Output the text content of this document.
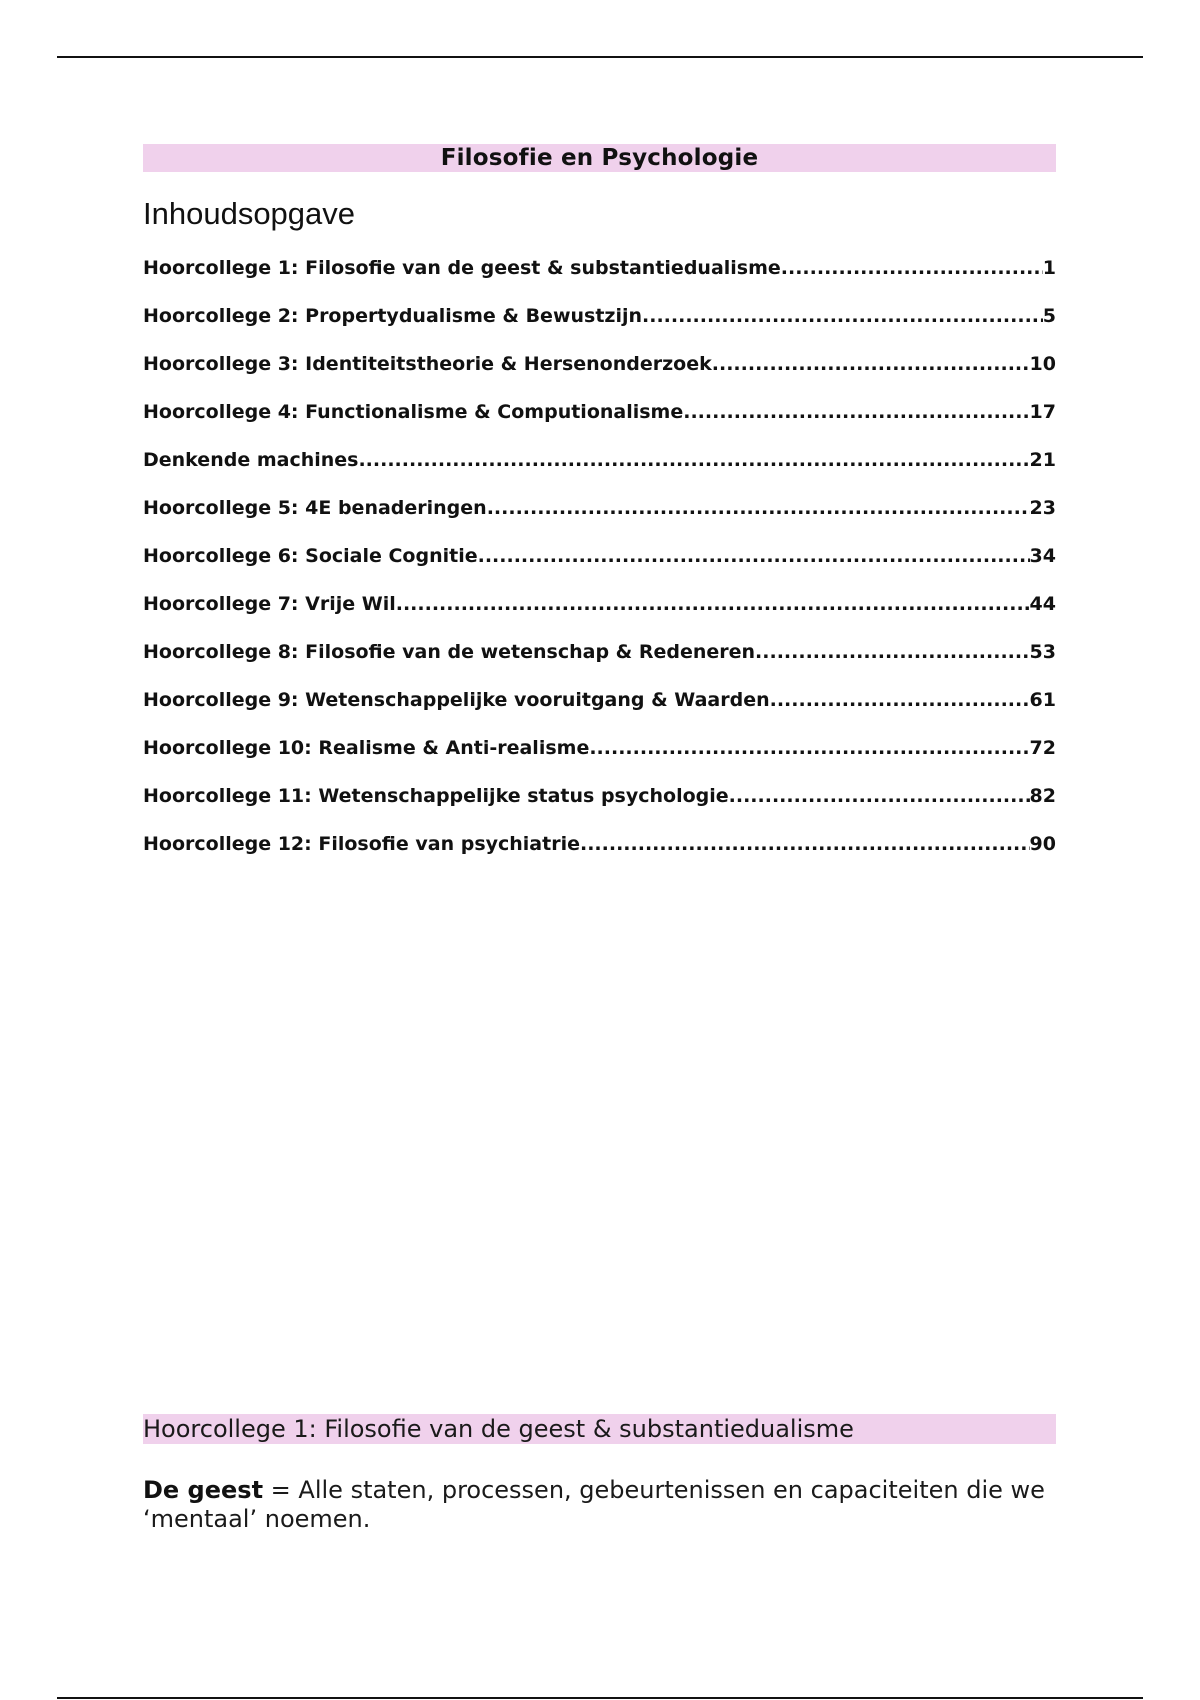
Filosofie en Psychologie
Inhoudsopgave
Hoorcollege 1: Filosofie van de geest & substantiedualisme .....	1
Hoorcollege 2: Propertydualisme & Bewustzijn .....	5
Hoorcollege 3: Identiteitstheorie & Hersenonderzoek .....	10
Hoorcollege 4: Functionalisme & Computionalisme .....	17
Denkende machines .....	21
Hoorcollege 5: 4E benaderingen .....	23
Hoorcollege 6: Sociale Cognitie .....	34
Hoorcollege 7: Vrije Wil .....	44
Hoorcollege 8: Filosofie van de wetenschap & Redeneren .....	53
Hoorcollege 9: Wetenschappelijke vooruitgang & Waarden .....	61
Hoorcollege 10: Realisme & Anti-realisme .....	72
Hoorcollege 11: Wetenschappelijke status psychologie .....	82
Hoorcollege 12: Filosofie van psychiatrie .....	90
Hoorcollege 1: Filosofie van de geest & substantiedualisme

De geest = Alle staten, processen, gebeurtenissen en capaciteiten die we ‘mentaal’ noemen.
